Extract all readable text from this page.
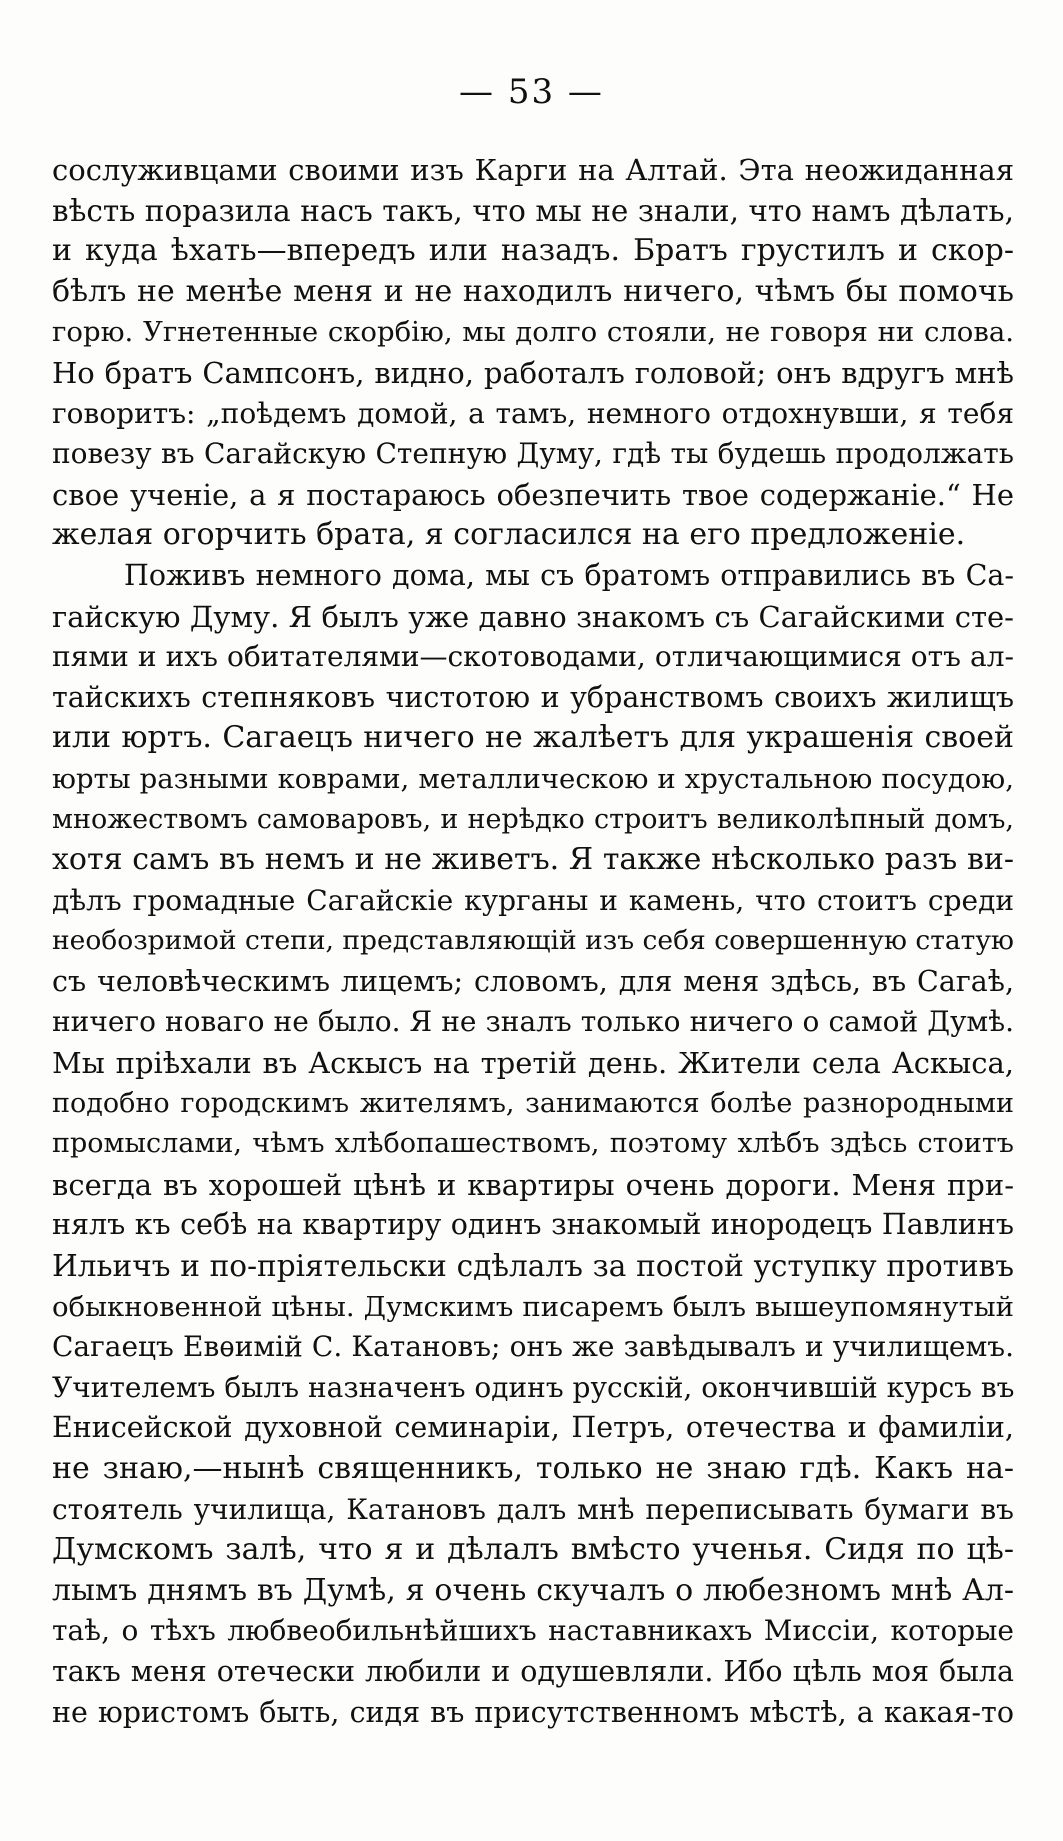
— 53 —
сослуживцами своими изъ Карги на Алтай. Эта неожиданная
вѣсть поразила насъ такъ, что мы не знали, что намъ дѣлать,
и куда ѣхать—впередъ или назадъ. Братъ грустилъ и скор-
бѣлъ не менѣе меня и не находилъ ничего, чѣмъ бы помочь
горю. Угнетенные скорбію, мы долго стояли, не говоря ни слова.
Но братъ Сампсонъ, видно, работалъ головой; онъ вдругъ мнѣ
говоритъ: „поѣдемъ домой, а тамъ, немного отдохнувши, я тебя
повезу въ Сагайскую Степную Думу, гдѣ ты будешь продолжать
свое ученіе, а я постараюсь обезпечить твое содержаніе.“ Не
желая огорчить брата, я согласился на его предложеніе.
Поживъ немного дома, мы съ братомъ отправились въ Са-
гайскую Думу. Я былъ уже давно знакомъ съ Сагайскими сте-
пями и ихъ обитателями—скотоводами, отличающимися отъ ал-
тайскихъ степняковъ чистотою и убранствомъ своихъ жилищъ
или юртъ. Сагаецъ ничего не жалѣетъ для украшенія своей
юрты разными коврами, металлическою и хрустальною посудою,
множествомъ самоваровъ, и нерѣдко строитъ великолѣпный домъ,
хотя самъ въ немъ и не живетъ. Я также нѣсколько разъ ви-
дѣлъ громадные Сагайскіе курганы и камень, что стоитъ среди
необозримой степи, представляющій изъ себя совершенную статую
съ человѣческимъ лицемъ; словомъ, для меня здѣсь, въ Сагаѣ,
ничего новаго не было. Я не зналъ только ничего о самой Думѣ.
Мы пріѣхали въ Аскысъ на третій день. Жители села Аскыса,
подобно городскимъ жителямъ, занимаются болѣе разнородными
промыслами, чѣмъ хлѣбопашествомъ, поэтому хлѣбъ здѣсь стоитъ
всегда въ хорошей цѣнѣ и квартиры очень дороги. Меня при-
нялъ къ себѣ на квартиру одинъ знакомый инородецъ Павлинъ
Ильичъ и по-пріятельски сдѣлалъ за постой уступку противъ
обыкновенной цѣны. Думскимъ писаремъ былъ вышеупомянутый
Сагаецъ Евѳимій С. Катановъ; онъ же завѣдывалъ и училищемъ.
Учителемъ былъ назначенъ одинъ русскій, окончившій курсъ въ
Енисейской духовной семинаріи, Петръ, отечества и фамиліи,
не знаю,—нынѣ священникъ, только не знаю гдѣ. Какъ на-
стоятель училища, Катановъ далъ мнѣ переписывать бумаги въ
Думскомъ залѣ, что я и дѣлалъ вмѣсто ученья. Сидя по цѣ-
лымъ днямъ въ Думѣ, я очень скучалъ о любезномъ мнѣ Ал-
таѣ, о тѣхъ любвеобильнѣйшихъ наставникахъ Миссіи, которые
такъ меня отечески любили и одушевляли. Ибо цѣль моя была
не юристомъ быть, сидя въ присутственномъ мѣстѣ, а какая-то
